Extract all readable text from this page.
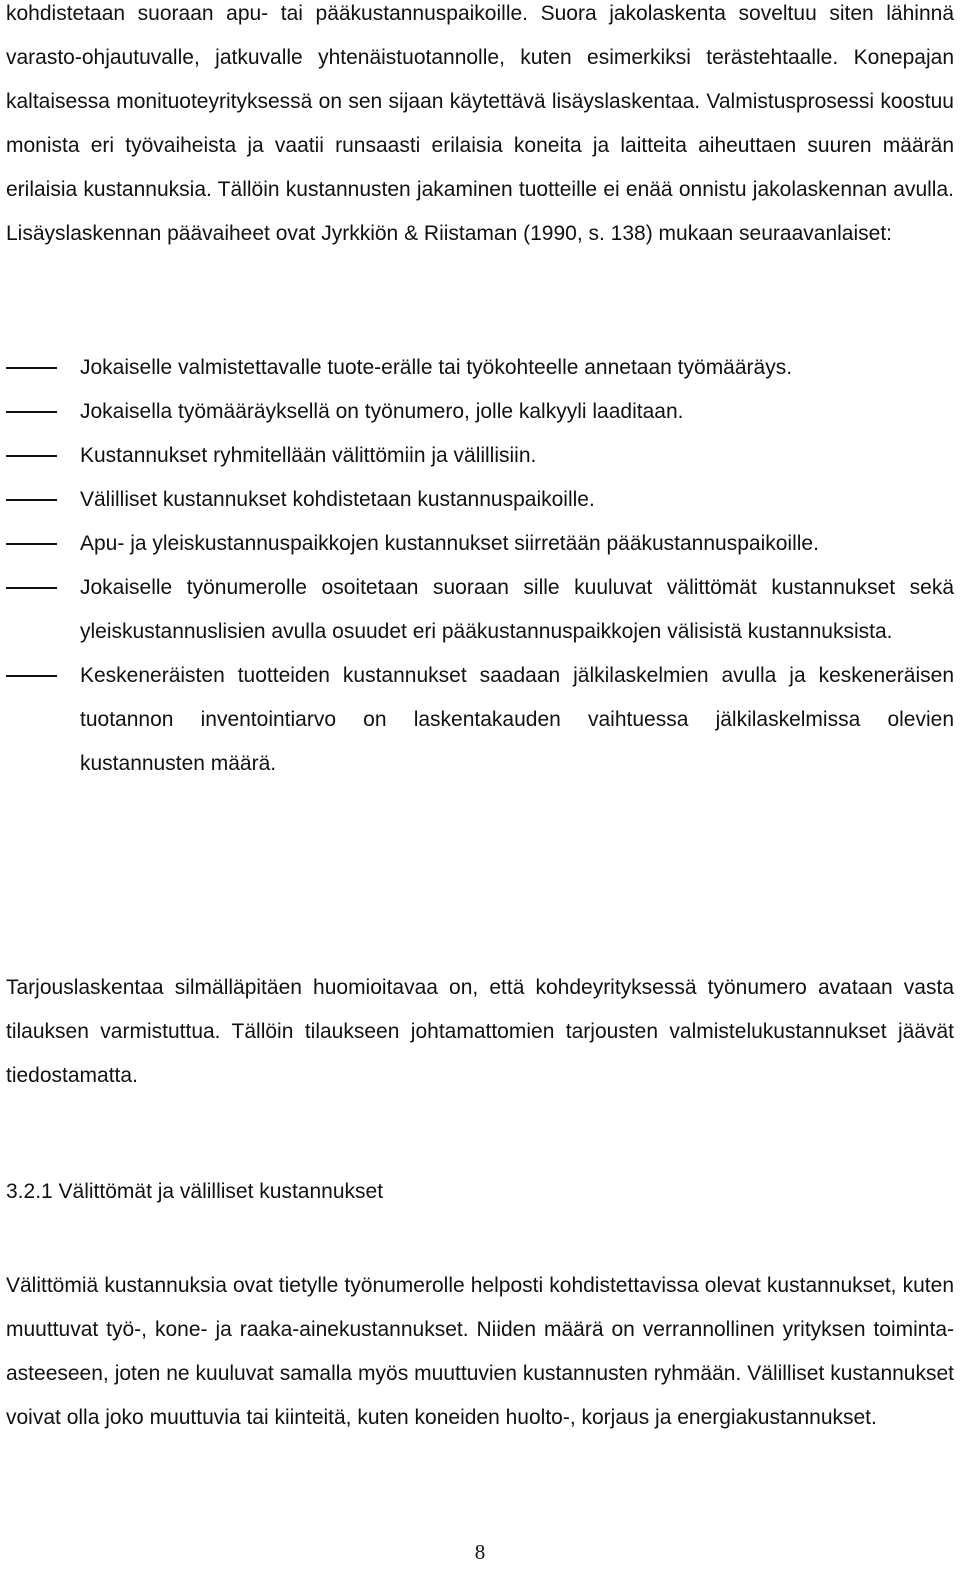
kohdistetaan suoraan apu- tai pääkustannuspaikoille. Suora jakolaskenta soveltuu siten lähinnä varasto-ohjautuvalle, jatkuvalle yhtenäistuotannolle, kuten esimerkiksi terästehtaalle. Konepajan kaltaisessa monituoteyrityksessä on sen sijaan käytettävä lisäyslaskentaa. Valmistusprosessi koostuu monista eri työvaiheista ja vaatii runsaasti erilaisia koneita ja laitteita aiheuttaen suuren määrän erilaisia kustannuksia. Tällöin kustannusten jakaminen tuotteille ei enää onnistu jakolaskennan avulla. Lisäyslaskennan päävaiheet ovat Jyrkkiön & Riistaman (1990, s. 138) mukaan seuraavanlaiset:

Jokaiselle valmistettavalle tuote-erälle tai työkohteelle annetaan työmääräys.
Jokaisella työmääräyksellä on työnumero, jolle kalkyyli laaditaan.
Kustannukset ryhmitellään välittömiin ja välillisiin.
Välilliset kustannukset kohdistetaan kustannuspaikoille.
Apu- ja yleiskustannuspaikkojen kustannukset siirretään pääkustannuspaikoille.
Jokaiselle työnumerolle osoitetaan suoraan sille kuuluvat välittömät kustannukset sekä yleiskustannuslisien avulla osuudet eri pääkustannuspaikkojen välisistä kustannuksista.
Keskeneräisten tuotteiden kustannukset saadaan jälkilaskelmien avulla ja keskeneräisen tuotannon inventointiarvo on laskentakauden vaihtuessa jälkilaskelmissa olevien kustannusten määrä.

Tarjouslaskentaa silmälläpitäen huomioitavaa on, että kohdeyrityksessä työnumero avataan vasta tilauksen varmistuttua. Tällöin tilaukseen johtamattomien tarjousten valmistelukustannukset jäävät tiedostamatta.

3.2.1 Välittömät ja välilliset kustannukset

Välittömiä kustannuksia ovat tietylle työnumerolle helposti kohdistettavissa olevat kustannukset, kuten muuttuvat työ-, kone- ja raaka-ainekustannukset. Niiden määrä on verrannollinen yrityksen toiminta-asteeseen, joten ne kuuluvat samalla myös muuttuvien kustannusten ryhmään. Välilliset kustannukset voivat olla joko muuttuvia tai kiinteitä, kuten koneiden huolto-, korjaus ja energiakustannukset.

8
